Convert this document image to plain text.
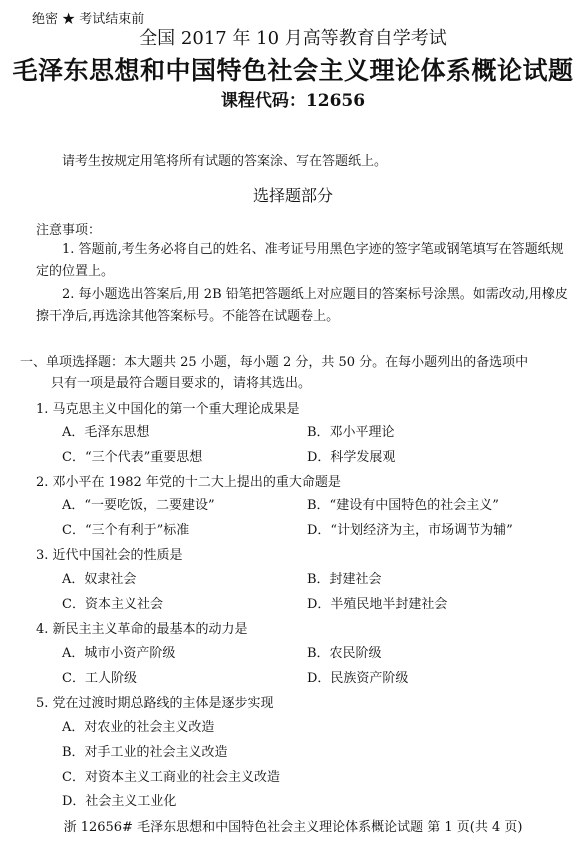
绝密 ★ 考试结束前
全国 2017 年 10 月高等教育自学考试
毛泽东思想和中国特色社会主义理论体系概论试题
课程代码：12656
请考生按规定用笔将所有试题的答案涂、写在答题纸上。
选择题部分
注意事项：
1. 答题前,考生务必将自己的姓名、准考证号用黑色字迹的签字笔或钢笔填写在答题纸规定的位置上。
2. 每小题选出答案后,用 2B 铅笔把答题纸上对应题目的答案标号涂黑。如需改动,用橡皮擦干净后,再选涂其他答案标号。不能答在试题卷上。
一、单项选择题：本大题共 25 小题，每小题 2 分，共 50 分。在每小题列出的备选项中
只有一项是最符合题目要求的，请将其选出。
1. 马克思主义中国化的第一个重大理论成果是
A．毛泽东思想	B．邓小平理论
C．“三个代表”重要思想	D．科学发展观
2. 邓小平在 1982 年党的十二大上提出的重大命题是
A．“一要吃饭，二要建设”	B．“建设有中国特色的社会主义”
C．“三个有利于”标准	D．“计划经济为主，市场调节为辅”
3. 近代中国社会的性质是
A．奴隶社会	B．封建社会
C．资本主义社会	D．半殖民地半封建社会
4. 新民主主义革命的最基本的动力是
A．城市小资产阶级	B．农民阶级
C．工人阶级	D．民族资产阶级
5. 党在过渡时期总路线的主体是逐步实现
A．对农业的社会主义改造
B．对手工业的社会主义改造
C．对资本主义工商业的社会主义改造
D．社会主义工业化
浙 12656# 毛泽东思想和中国特色社会主义理论体系概论试题 第 1 页(共 4 页)
